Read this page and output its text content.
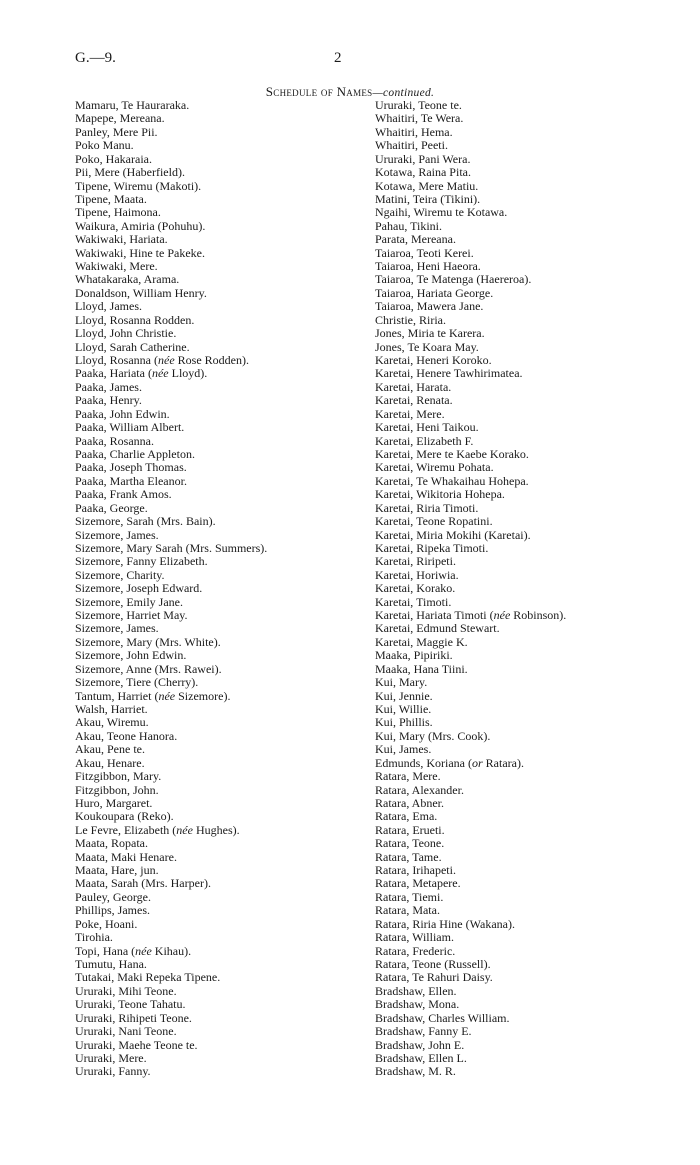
G.—9.	2
Schedule of Names—continued.
Mamaru, Te Hauraraka.
Mapepe, Mereana.
Panley, Mere Pii.
Poko Manu.
Poko, Hakaraia.
Pii, Mere (Haberfield).
Tipene, Wiremu (Makoti).
Tipene, Maata.
Tipene, Haimona.
Waikura, Amiria (Pohuhu).
Wakiwaki, Hariata.
Wakiwaki, Hine te Pakeke.
Wakiwaki, Mere.
Whatakaraka, Arama.
Donaldson, William Henry.
Lloyd, James.
Lloyd, Rosanna Rodden.
Lloyd, John Christie.
Lloyd, Sarah Catherine.
Lloyd, Rosanna (née Rose Rodden).
Paaka, Hariata (née Lloyd).
Paaka, James.
Paaka, Henry.
Paaka, John Edwin.
Paaka, William Albert.
Paaka, Rosanna.
Paaka, Charlie Appleton.
Paaka, Joseph Thomas.
Paaka, Martha Eleanor.
Paaka, Frank Amos.
Paaka, George.
Sizemore, Sarah (Mrs. Bain).
Sizemore, James.
Sizemore, Mary Sarah (Mrs. Summers).
Sizemore, Fanny Elizabeth.
Sizemore, Charity.
Sizemore, Joseph Edward.
Sizemore, Emily Jane.
Sizemore, Harriet May.
Sizemore, James.
Sizemore, Mary (Mrs. White).
Sizemore, John Edwin.
Sizemore, Anne (Mrs. Rawei).
Sizemore, Tiere (Cherry).
Tantum, Harriet (née Sizemore).
Walsh, Harriet.
Akau, Wiremu.
Akau, Teone Hanora.
Akau, Pene te.
Akau, Henare.
Fitzgibbon, Mary.
Fitzgibbon, John.
Huro, Margaret.
Koukoupara (Reko).
Le Fevre, Elizabeth (née Hughes).
Maata, Ropata.
Maata, Maki Henare.
Maata, Hare, jun.
Maata, Sarah (Mrs. Harper).
Pauley, George.
Phillips, James.
Poke, Hoani.
Tirohia.
Topi, Hana (née Kihau).
Tumutu, Hana.
Tutakai, Maki Repeka Tipene.
Ururaki, Mihi Teone.
Ururaki, Teone Tahatu.
Ururaki, Rihipeti Teone.
Ururaki, Nani Teone.
Ururaki, Maehe Teone te.
Ururaki, Mere.
Ururaki, Fanny.
Ururaki, Teone te.
Whaitiri, Te Wera.
Whaitiri, Hema.
Whaitiri, Peeti.
Ururaki, Pani Wera.
Kotawa, Raina Pita.
Kotawa, Mere Matiu.
Matini, Teira (Tikini).
Ngaihi, Wiremu te Kotawa.
Pahau, Tikini.
Parata, Mereana.
Taiaroa, Teoti Kerei.
Taiaroa, Heni Haeora.
Taiaroa, Te Matenga (Haereroa).
Taiaroa, Hariata George.
Taiaroa, Mawera Jane.
Christie, Riria.
Jones, Miria te Karera.
Jones, Te Koara May.
Karetai, Heneri Koroko.
Karetai, Henere Tawhirimatea.
Karetai, Harata.
Karetai, Renata.
Karetai, Mere.
Karetai, Heni Taikou.
Karetai, Elizabeth F.
Karetai, Mere te Kaebe Korako.
Karetai, Wiremu Pohata.
Karetai, Te Whakaihau Hohepa.
Karetai, Wikitoria Hohepa.
Karetai, Riria Timoti.
Karetai, Teone Ropatini.
Karetai, Miria Mokihi (Karetai).
Karetai, Ripeka Timoti.
Karetai, Riripeti.
Karetai, Horiwia.
Karetai, Korako.
Karetai, Timoti.
Karetai, Hariata Timoti (née Robinson).
Karetai, Edmund Stewart.
Karetai, Maggie K.
Maaka, Pipiriki.
Maaka, Hana Tiini.
Kui, Mary.
Kui, Jennie.
Kui, Willie.
Kui, Phillis.
Kui, Mary (Mrs. Cook).
Kui, James.
Edmunds, Koriana (or Ratara).
Ratara, Mere.
Ratara, Alexander.
Ratara, Abner.
Ratara, Ema.
Ratara, Erueti.
Ratara, Teone.
Ratara, Tame.
Ratara, Irihapeti.
Ratara, Metapere.
Ratara, Tiemi.
Ratara, Mata.
Ratara, Riria Hine (Wakana).
Ratara, William.
Ratara, Frederic.
Ratara, Teone (Russell).
Ratara, Te Rahuri Daisy.
Bradshaw, Ellen.
Bradshaw, Mona.
Bradshaw, Charles William.
Bradshaw, Fanny E.
Bradshaw, John E.
Bradshaw, Ellen L.
Bradshaw, M. R.
